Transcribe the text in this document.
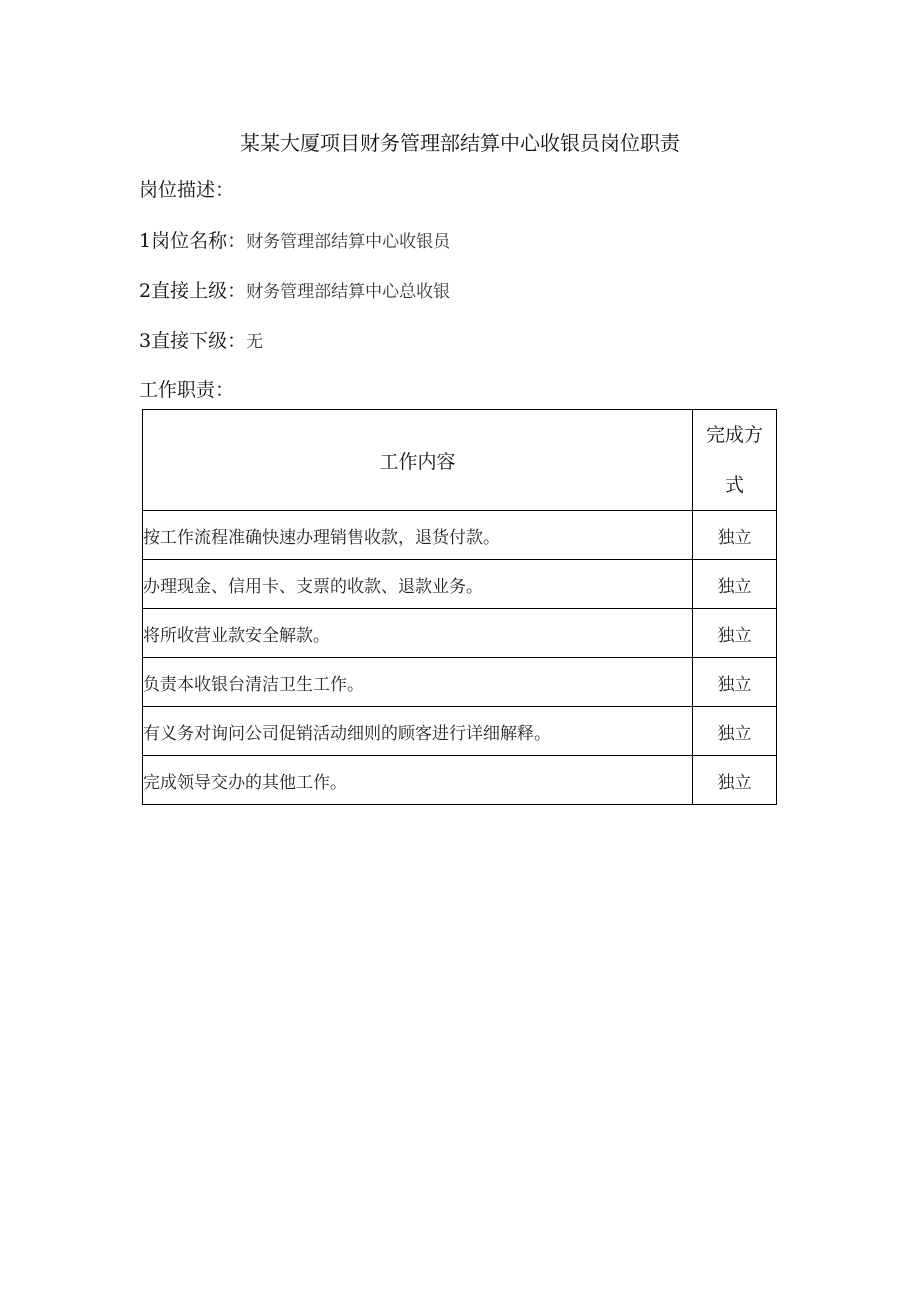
某某大厦项目财务管理部结算中心收银员岗位职责
岗位描述：
1岗位名称：财务管理部结算中心收银员
2直接上级：财务管理部结算中心总收银
3直接下级：无
工作职责：
工作内容	完成方
式

按工作流程准确快速办理销售收款，退货付款。	独立
办理现金、信用卡、支票的收款、退款业务。	独立
将所收营业款安全解款。	独立
负责本收银台清洁卫生工作。	独立
有义务对询问公司促销活动细则的顾客进行详细解释。	独立
完成领导交办的其他工作。	独立
